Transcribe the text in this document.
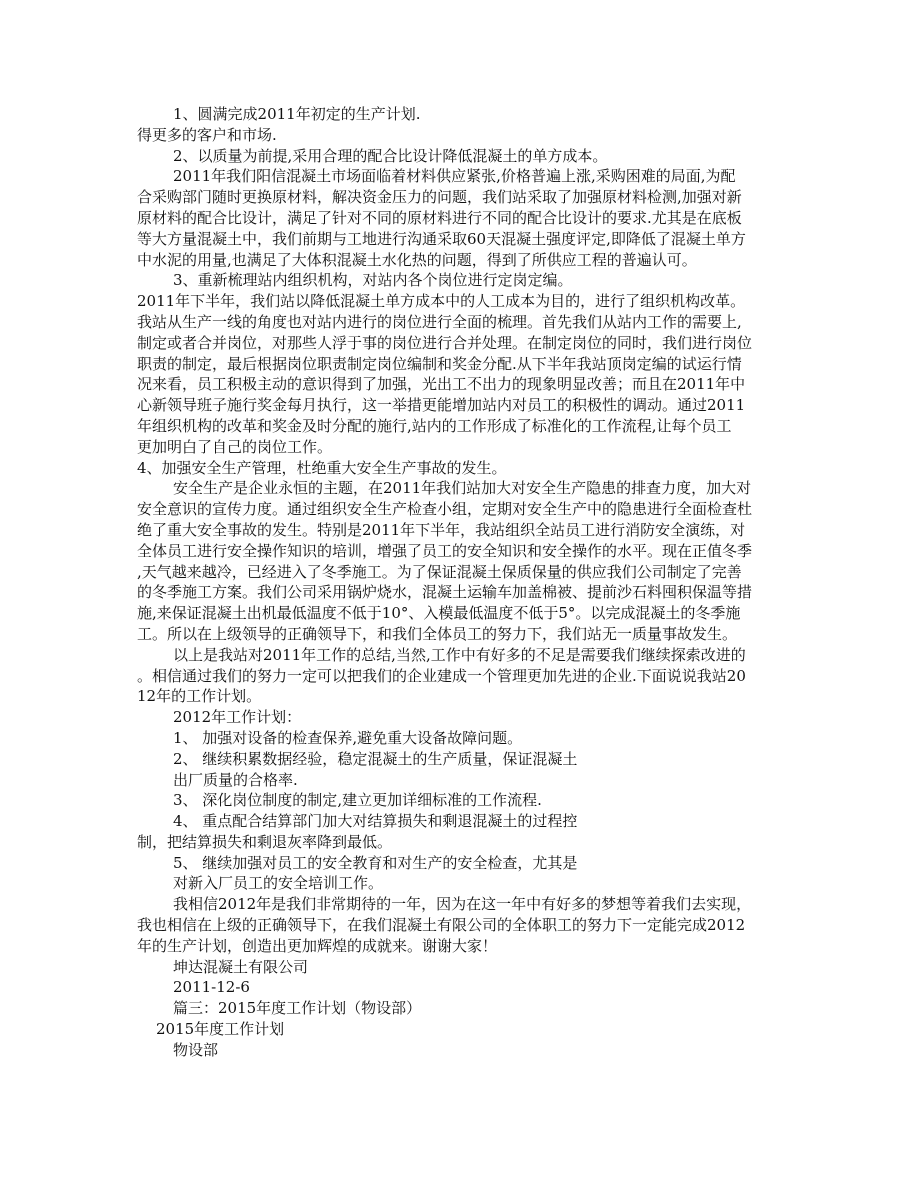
1、圆满完成2011年初定的生产计划.
得更多的客户和市场.
2、以质量为前提,采用合理的配合比设计降低混凝土的单方成本。
2011年我们阳信混凝土市场面临着材料供应紧张,价格普遍上涨,采购困难的局面,为配
合采购部门随时更换原材料，解决资金压力的问题，我们站采取了加强原材料检测,加强对新
原材料的配合比设计，满足了针对不同的原材料进行不同的配合比设计的要求.尤其是在底板
等大方量混凝土中，我们前期与工地进行沟通采取60天混凝土强度评定,即降低了混凝土单方
中水泥的用量,也满足了大体积混凝土水化热的问题，得到了所供应工程的普遍认可。
3、重新梳理站内组织机构，对站内各个岗位进行定岗定编。
2011年下半年，我们站以降低混凝土单方成本中的人工成本为目的，进行了组织机构改革。
我站从生产一线的角度也对站内进行的岗位进行全面的梳理。首先我们从站内工作的需要上,
制定或者合并岗位，对那些人浮于事的岗位进行合并处理。在制定岗位的同时，我们进行岗位
职责的制定，最后根据岗位职责制定岗位编制和奖金分配.从下半年我站顶岗定编的试运行情
况来看，员工积极主动的意识得到了加强，光出工不出力的现象明显改善；而且在2011年中
心新领导班子施行奖金每月执行，这一举措更能增加站内对员工的积极性的调动。通过2011
年组织机构的改革和奖金及时分配的施行,站内的工作形成了标准化的工作流程,让每个员工
更加明白了自己的岗位工作。
4、加强安全生产管理，杜绝重大安全生产事故的发生。
安全生产是企业永恒的主题，在2011年我们站加大对安全生产隐患的排查力度，加大对
安全意识的宣传力度。通过组织安全生产检查小组，定期对安全生产中的隐患进行全面检查杜
绝了重大安全事故的发生。特别是2011年下半年，我站组织全站员工进行消防安全演练，对
全体员工进行安全操作知识的培训，增强了员工的安全知识和安全操作的水平。现在正值冬季
,天气越来越冷，已经进入了冬季施工。为了保证混凝土保质保量的供应我们公司制定了完善
的冬季施工方案。我们公司采用锅炉烧水，混凝土运输车加盖棉被、提前沙石料囤积保温等措
施,来保证混凝土出机最低温度不低于10°、入模最低温度不低于5°。以完成混凝土的冬季施
工。所以在上级领导的正确领导下，和我们全体员工的努力下，我们站无一质量事故发生。
以上是我站对2011年工作的总结,当然,工作中有好多的不足是需要我们继续探索改进的
。相信通过我们的努力一定可以把我们的企业建成一个管理更加先进的企业.下面说说我站20
12年的工作计划。
2012年工作计划：
1、 加强对设备的检查保养,避免重大设备故障问题。
2、 继续积累数据经验，稳定混凝土的生产质量，保证混凝土
出厂质量的合格率.
3、 深化岗位制度的制定,建立更加详细标准的工作流程.
4、 重点配合结算部门加大对结算损失和剩退混凝土的过程控
制，把结算损失和剩退灰率降到最低。
5、 继续加强对员工的安全教育和对生产的安全检查，尤其是
对新入厂员工的安全培训工作。
我相信2012年是我们非常期待的一年，因为在这一年中有好多的梦想等着我们去实现，
我也相信在上级的正确领导下，在我们混凝土有限公司的全体职工的努力下一定能完成2012
年的生产计划，创造出更加辉煌的成就来。谢谢大家！
坤达混凝土有限公司
2011-12-6
篇三：2015年度工作计划（物设部）
2015年度工作计划
物设部
